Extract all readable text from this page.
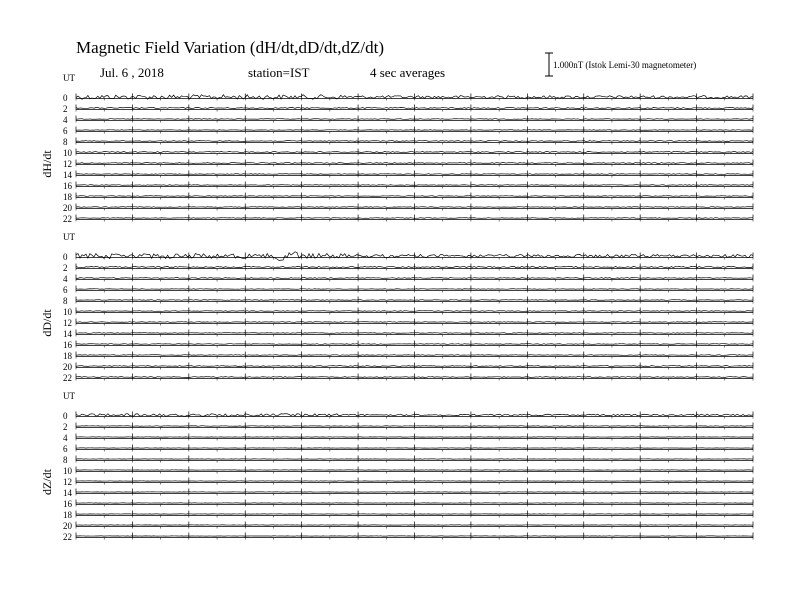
Magnetic Field Variation (dH/dt,dD/dt,dZ/dt)
Jul. 6 , 2018	station=IST	4 sec averages	1.000nT (Istok Lemi-30 magnetometer)
UT
dH/dt
0
2
4
6
8
10
12
14
16
18
20
22
UT
dD/dt
0
2
4
6
8
10
12
14
16
18
20
22
UT
dZ/dt
0
2
4
6
8
10
12
14
16
18
20
22
